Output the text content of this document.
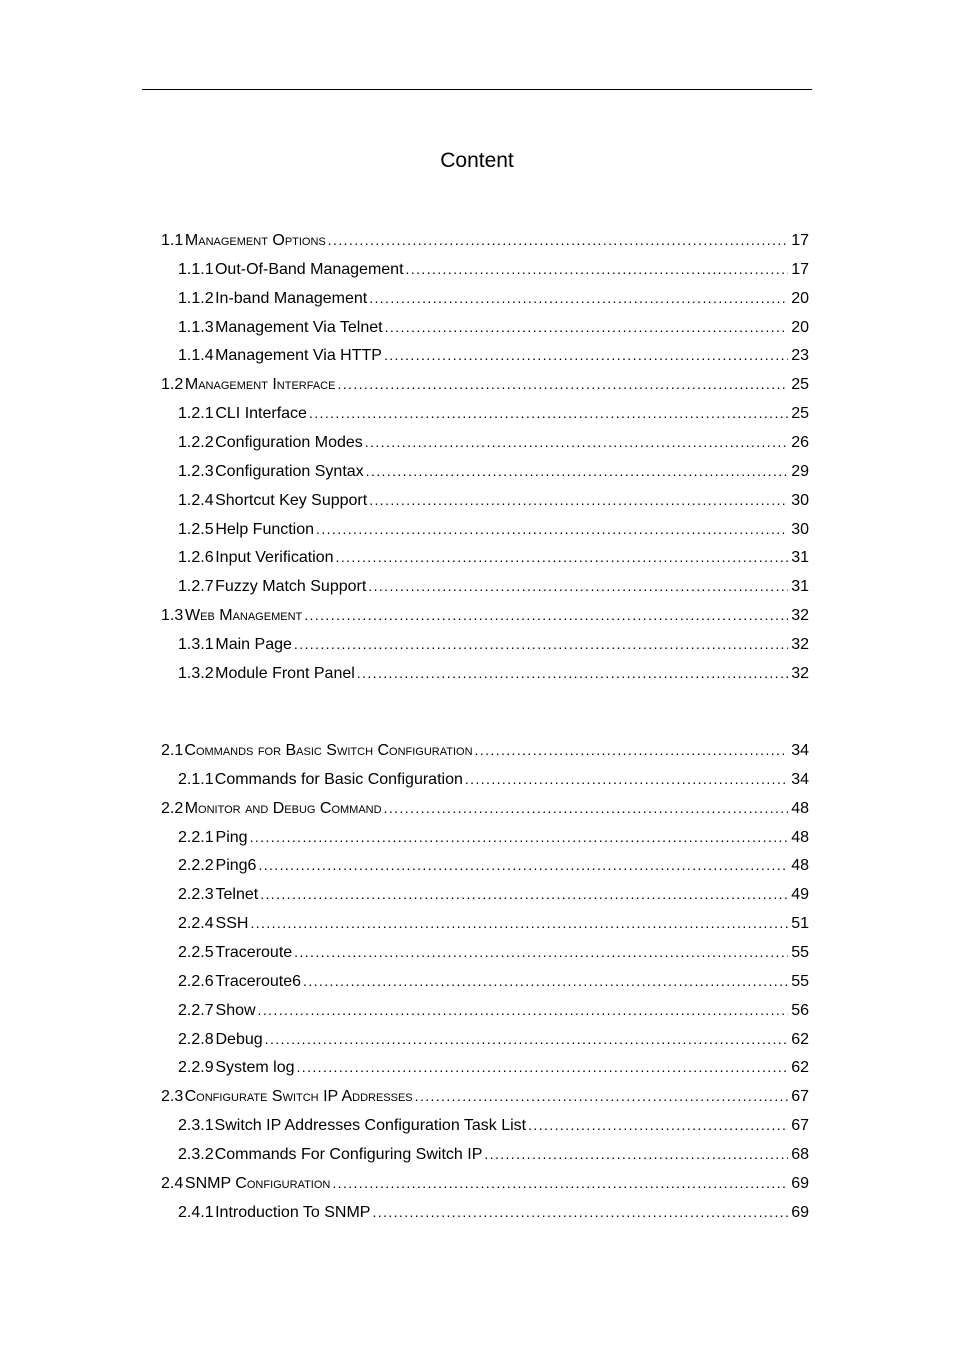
Content
1.1 Management Options .....	17
1.1.1 Out-Of-Band Management .....	17
1.1.2 In-band Management .....	20
1.1.3 Management Via Telnet .....	20
1.1.4 Management Via HTTP .....	23
1.2 Management Interface .....	25
1.2.1 CLI Interface .....	25
1.2.2 Configuration Modes .....	26
1.2.3 Configuration Syntax .....	29
1.2.4 Shortcut Key Support .....	30
1.2.5 Help Function .....	30
1.2.6 Input Verification .....	31
1.2.7 Fuzzy Match Support .....	31
1.3 Web Management .....	32
1.3.1 Main Page .....	32
1.3.2 Module Front Panel .....	32
2.1 Commands for Basic Switch Configuration .....	34
2.1.1 Commands for Basic Configuration .....	34
2.2 Monitor and Debug Command .....	48
2.2.1 Ping .....	48
2.2.2 Ping6 .....	48
2.2.3 Telnet .....	49
2.2.4 SSH .....	51
2.2.5 Traceroute .....	55
2.2.6 Traceroute6 .....	55
2.2.7 Show .....	56
2.2.8 Debug .....	62
2.2.9 System log .....	62
2.3 Configurate Switch IP Addresses .....	67
2.3.1 Switch IP Addresses Configuration Task List .....	67
2.3.2 Commands For Configuring Switch IP .....	68
2.4 SNMP Configuration .....	69
2.4.1 Introduction To SNMP .....	69
